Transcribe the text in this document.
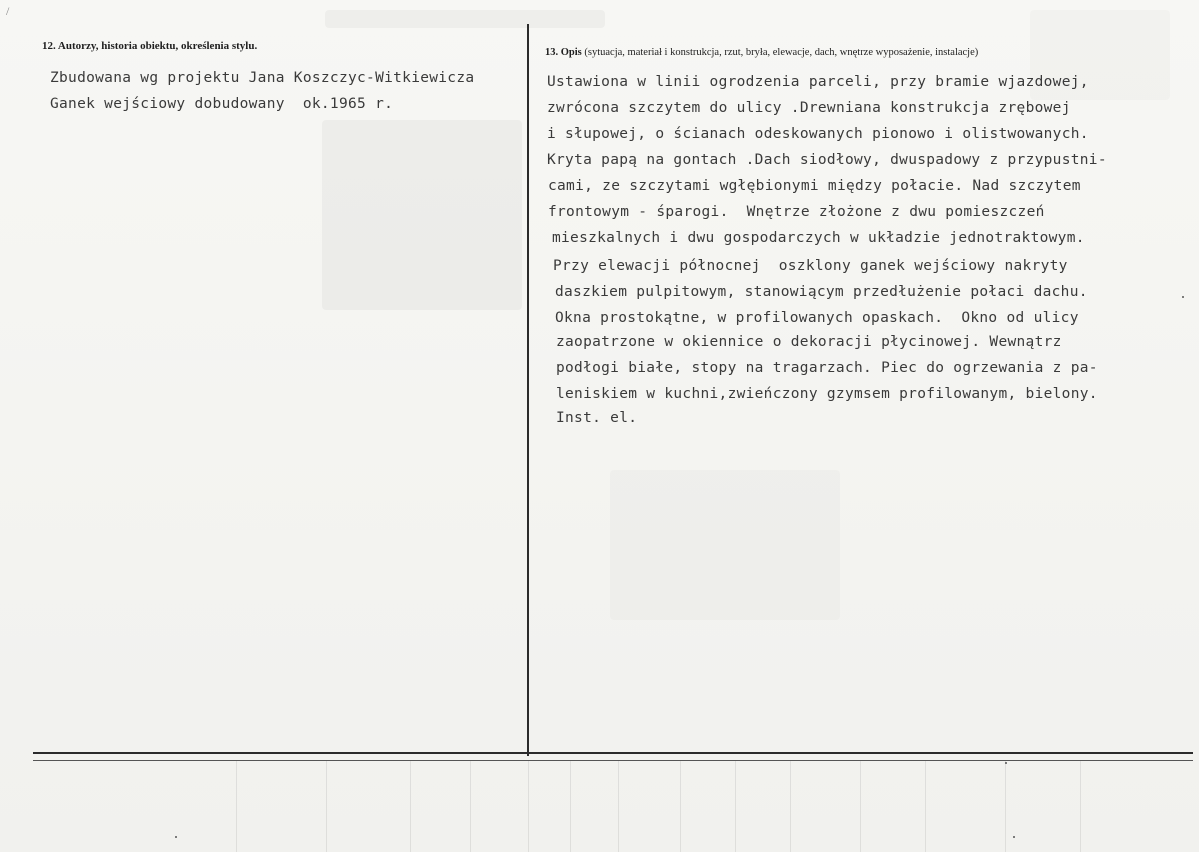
/
12. Autorzy, historia obiektu, określenia stylu.
Zbudowana wg projektu Jana Koszczyc-Witkiewicza
Ganek wejściowy dobudowany  ok.1965 r.
13. Opis (sytuacja, materiał i konstrukcja, rzut, bryła, elewacje, dach, wnętrze wyposażenie, instalacje)
Ustawiona w linii ogrodzenia parceli, przy bramie wjazdowej,
zwrócona szczytem do ulicy .Drewniana konstrukcja zrębowej
i słupowej, o ścianach odeskowanych pionowo i olistwowanych.
Kryta papą na gontach .Dach siodłowy, dwuspadowy z przypustni-
cami, ze szczytami wgłębionymi między połacie. Nad szczytem
frontowym - śparogi.  Wnętrze złożone z dwu pomieszczeń
mieszkalnych i dwu gospodarczych w układzie jednotraktowym.
Przy elewacji północnej  oszklony ganek wejściowy nakryty
daszkiem pulpitowym, stanowiącym przedłużenie połaci dachu.
Okna prostokątne, w profilowanych opaskach.  Okno od ulicy
zaopatrzone w okiennice o dekoracji płycinowej. Wewnątrz
podłogi białe, stopy na tragarzach. Piec do ogrzewania z pa-
leniskiem w kuchni,zwieńczony gzymsem profilowanym, bielony.
Inst. el.
